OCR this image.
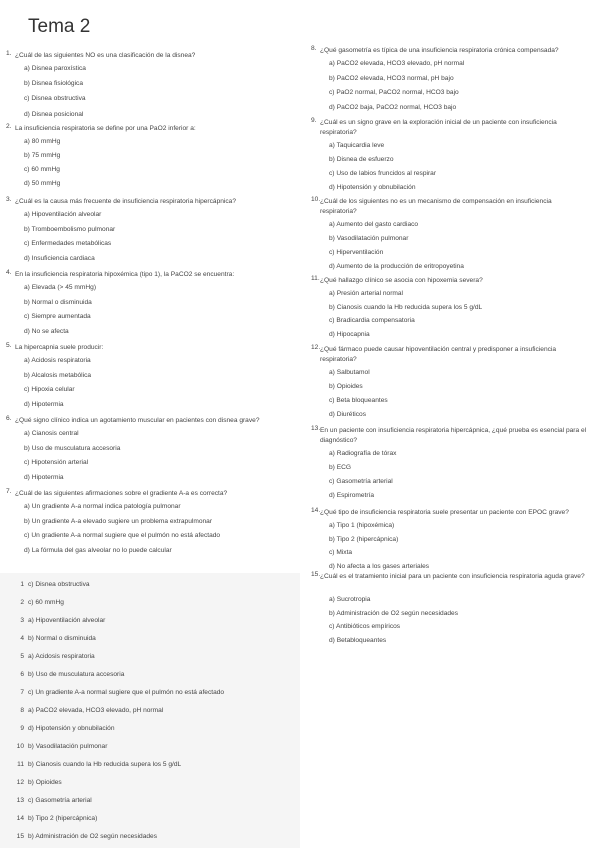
Tema 2
1. ¿Cuál de las siguientes NO es una clasificación de la disnea?
a) Disnea paroxística
b) Disnea fisiológica
c) Disnea obstructiva
d) Disnea posicional
2. La insuficiencia respiratoria se define por una PaO2 inferior a:
a) 80 mmHg
b) 75 mmHg
c) 60 mmHg
d) 50 mmHg
3. ¿Cuál es la causa más frecuente de insuficiencia respiratoria hipercápnica?
a) Hipoventilación alveolar
b) Tromboembolismo pulmonar
c) Enfermedades metabólicas
d) Insuficiencia cardiaca
4. En la insuficiencia respiratoria hipoxémica (tipo 1), la PaCO2 se encuentra:
a) Elevada (> 45 mmHg)
b) Normal o disminuida
c) Siempre aumentada
d) No se afecta
5. La hipercapnia suele producir:
a) Acidosis respiratoria
b) Alcalosis metabólica
c) Hipoxia celular
d) Hipotermia
6. ¿Qué signo clínico indica un agotamiento muscular en pacientes con disnea grave?
a) Cianosis central
b) Uso de musculatura accesoria
c) Hipotensión arterial
d) Hipotermia
7. ¿Cuál de las siguientes afirmaciones sobre el gradiente A-a es correcta?
a) Un gradiente A-a normal indica patología pulmonar
b) Un gradiente A-a elevado sugiere un problema extrapulmonar
c) Un gradiente A-a normal sugiere que el pulmón no está afectado
d) La fórmula del gas alveolar no lo puede calcular
8. ¿Qué gasometría es típica de una insuficiencia respiratoria crónica compensada?
a) PaCO2 elevada, HCO3 elevado, pH normal
b) PaCO2 elevada, HCO3 normal, pH bajo
c) PaO2 normal, PaCO2 normal, HCO3 bajo
d) PaCO2 baja, PaCO2 normal, HCO3 bajo
9. ¿Cuál es un signo grave en la exploración inicial de un paciente con insuficiencia respiratoria?
a) Taquicardia leve
b) Disnea de esfuerzo
c) Uso de labios fruncidos al respirar
d) Hipotensión y obnubilación
10. ¿Cuál de los siguientes no es un mecanismo de compensación en insuficiencia respiratoria?
a) Aumento del gasto cardiaco
b) Vasodilatación pulmonar
c) Hiperventilación
d) Aumento de la producción de eritropoyetina
11. ¿Qué hallazgo clínico se asocia con hipoxemia severa?
a) Presión arterial normal
b) Cianosis cuando la Hb reducida supera los 5 g/dL
c) Bradicardia compensatoria
d) Hipocapnia
12. ¿Qué fármaco puede causar hipoventilación central y predisponer a insuficiencia respiratoria?
a) Salbutamol
b) Opioides
c) Beta bloqueantes
d) Diuréticos
13. En un paciente con insuficiencia respiratoria hipercápnica, ¿qué prueba es esencial para el diagnóstico?
a) Radiografía de tórax
b) ECG
c) Gasometría arterial
d) Espirometría
14. ¿Qué tipo de insuficiencia respiratoria suele presentar un paciente con EPOC grave?
a) Tipo 1 (hipoxémica)
b) Tipo 2 (hipercápnica)
c) Mixta
d) No afecta a los gases arteriales
15. ¿Cuál es el tratamiento inicial para un paciente con insuficiencia respiratoria aguda grave?
a) Sucrotropia
b) Administración de O2 según necesidades
c) Antibióticos empíricos
d) Betabloqueantes
1 c) Disnea obstructiva
2 c) 60 mmHg
3 a) Hipoventilación alveolar
4 b) Normal o disminuida
5 a) Acidosis respiratoria
6 b) Uso de musculatura accesoria
7 c) Un gradiente A-a normal sugiere que el pulmón no está afectado
8 a) PaCO2 elevada, HCO3 elevado, pH normal
9 d) Hipotensión y obnubilación
10 b) Vasodilatación pulmonar
11 b) Cianosis cuando la Hb reducida supera los 5 g/dL
12 b) Opioides
13 c) Gasometría arterial
14 b) Tipo 2 (hipercápnica)
15 b) Administración de O2 según necesidades
